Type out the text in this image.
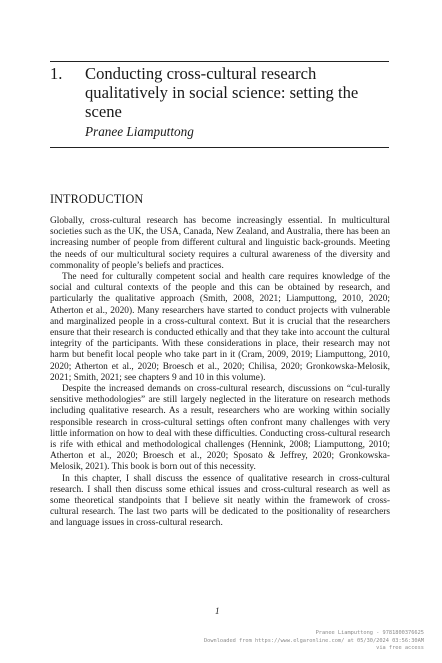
1. Conducting cross-cultural research qualitatively in social science: setting the scene
Pranee Liamputtong
INTRODUCTION

Globally, cross-cultural research has become increasingly essential. In multicultural societies such as the UK, the USA, Canada, New Zealand, and Australia, there has been an increasing number of people from different cultural and linguistic back-grounds. Meeting the needs of our multicultural society requires a cultural awareness of the diversity and commonality of people’s beliefs and practices.

The need for culturally competent social and health care requires knowledge of the social and cultural contexts of the people and this can be obtained by research, and particularly the qualitative approach (Smith, 2008, 2021; Liamputtong, 2010, 2020; Atherton et al., 2020). Many researchers have started to conduct projects with vulnerable and marginalized people in a cross-cultural context. But it is crucial that the researchers ensure that their research is conducted ethically and that they take into account the cultural integrity of the participants. With these considerations in place, their research may not harm but benefit local people who take part in it (Cram, 2009, 2019; Liamputtong, 2010, 2020; Atherton et al., 2020; Broesch et al., 2020; Chilisa, 2020; Gronkowska-Melosik, 2021; Smith, 2021; see chapters 9 and 10 in this volume).

Despite the increased demands on cross-cultural research, discussions on “cul-turally sensitive methodologies” are still largely neglected in the literature on research methods including qualitative research. As a result, researchers who are working within socially responsible research in cross-cultural settings often confront many challenges with very little information on how to deal with these difficulties. Conducting cross-cultural research is rife with ethical and methodological challenges (Hennink, 2008; Liamputtong, 2010; Atherton et al., 2020; Broesch et al., 2020; Sposato & Jeffrey, 2020; Gronkowska-Melosik, 2021). This book is born out of this necessity.

In this chapter, I shall discuss the essence of qualitative research in cross-cultural research. I shall then discuss some ethical issues and cross-cultural research as well as some theoretical standpoints that I believe sit neatly within the framework of cross-cultural research. The last two parts will be dedicated to the positionality of researchers and language issues in cross-cultural research.

1
Pranee Liamputtong - 9781800376625
Downloaded from https://www.elgaronline.com/ at 05/30/2024 03:56:30AM
via free access
